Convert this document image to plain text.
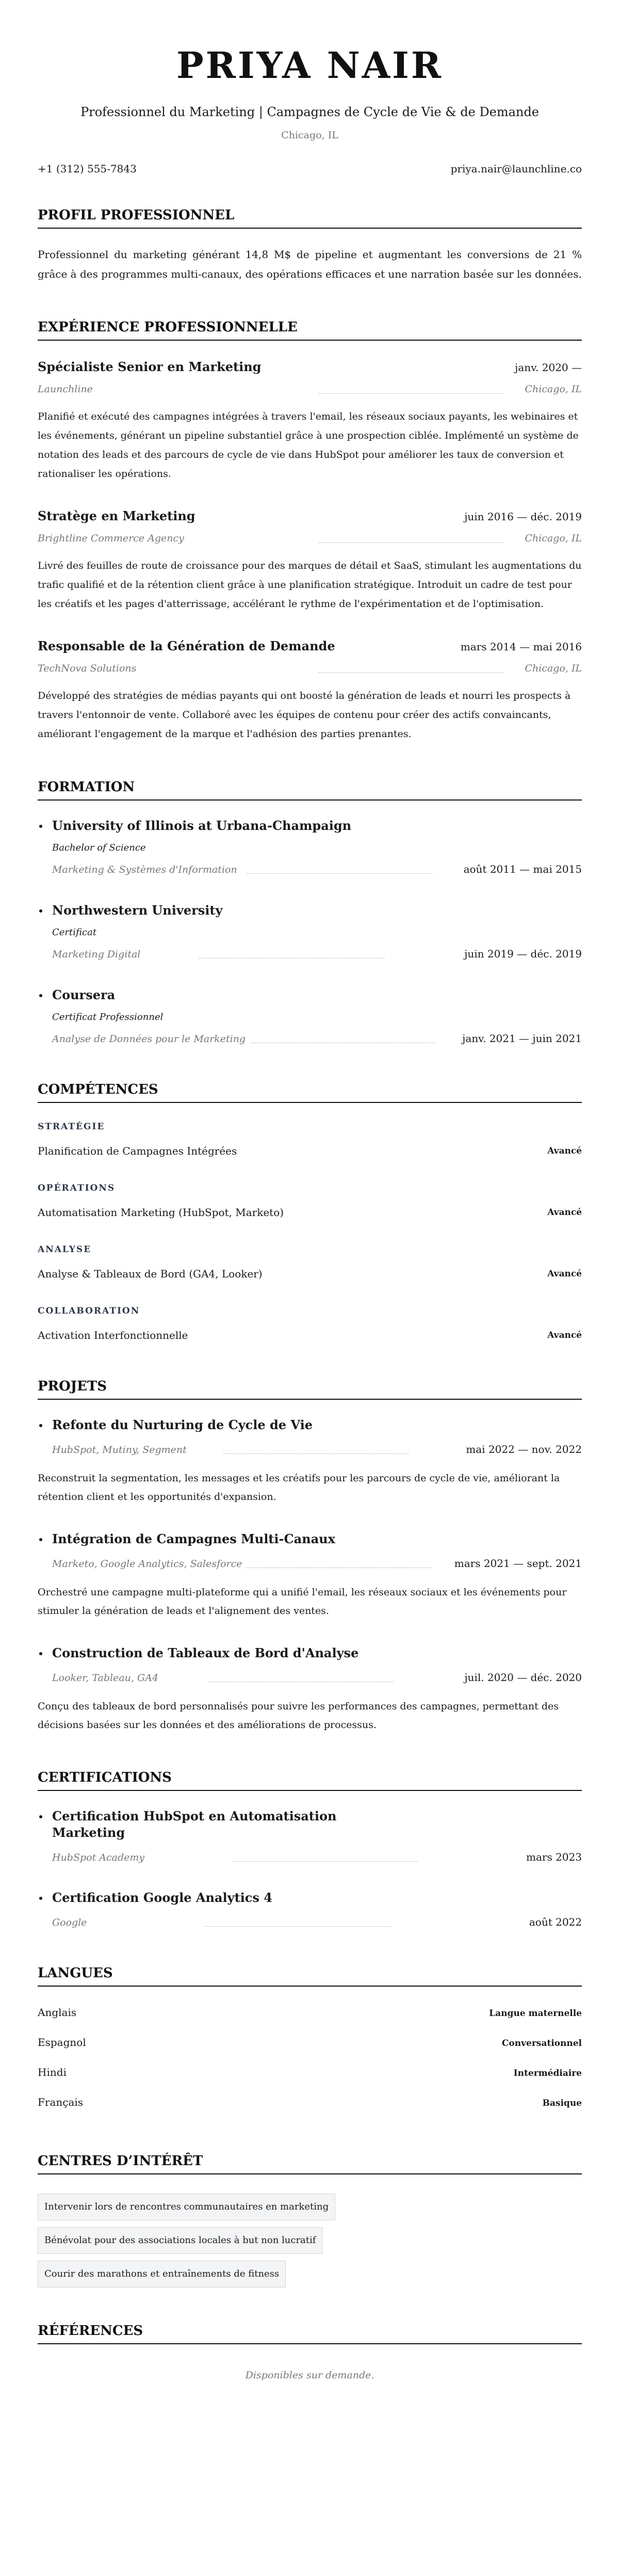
PRIYA NAIR
Professionnel du Marketing | Campagnes de Cycle de Vie & de Demande
Chicago, IL
+1 (312) 555-7843	priya.nair@launchline.co
PROFIL PROFESSIONNEL

Professionnel du marketing générant 14,8 M$ de pipeline et augmentant les conversions de 21 % grâce à des programmes multi-canaux, des opérations efficaces et une narration basée sur les données.

EXPÉRIENCE PROFESSIONNELLE
Spécialiste Senior en Marketing	janv. 2020 —
Launchline	Chicago, IL
Planifié et exécuté des campagnes intégrées à travers l'email, les réseaux sociaux payants, les webinaires et les événements, générant un pipeline substantiel grâce à une prospection ciblée. Implémenté un système de notation des leads et des parcours de cycle de vie dans HubSpot pour améliorer les taux de conversion et rationaliser les opérations.
Stratège en Marketing	juin 2016 — déc. 2019
Brightline Commerce Agency	Chicago, IL
Livré des feuilles de route de croissance pour des marques de détail et SaaS, stimulant les augmentations du trafic qualifié et de la rétention client grâce à une planification stratégique. Introduit un cadre de test pour les créatifs et les pages d'atterrissage, accélérant le rythme de l'expérimentation et de l'optimisation.
Responsable de la Génération de Demande	mars 2014 — mai 2016
TechNova Solutions	Chicago, IL
Développé des stratégies de médias payants qui ont boosté la génération de leads et nourri les prospects à travers l'entonnoir de vente. Collaboré avec les équipes de contenu pour créer des actifs convaincants, améliorant l'engagement de la marque et l'adhésion des parties prenantes.
FORMATION
University of Illinois at Urbana-Champaign
Bachelor of Science
Marketing & Systèmes d'Information	août 2011 — mai 2015
Northwestern University
Certificat
Marketing Digital	juin 2019 — déc. 2019
Coursera
Certificat Professionnel
Analyse de Données pour le Marketing	janv. 2021 — juin 2021
COMPÉTENCES
STRATÉGIE
Planification de Campagnes Intégrées	Avancé
OPÉRATIONS
Automatisation Marketing (HubSpot, Marketo)	Avancé
ANALYSE
Analyse & Tableaux de Bord (GA4, Looker)	Avancé
COLLABORATION
Activation Interfonctionnelle	Avancé
PROJETS
Refonte du Nurturing de Cycle de Vie
HubSpot, Mutiny, Segment	mai 2022 — nov. 2022
Reconstruit la segmentation, les messages et les créatifs pour les parcours de cycle de vie, améliorant la rétention client et les opportunités d'expansion.
Intégration de Campagnes Multi-Canaux
Marketo, Google Analytics, Salesforce	mars 2021 — sept. 2021
Orchestré une campagne multi-plateforme qui a unifié l'email, les réseaux sociaux et les événements pour stimuler la génération de leads et l'alignement des ventes.
Construction de Tableaux de Bord d'Analyse
Looker, Tableau, GA4	juil. 2020 — déc. 2020
Conçu des tableaux de bord personnalisés pour suivre les performances des campagnes, permettant des décisions basées sur les données et des améliorations de processus.
CERTIFICATIONS
Certification HubSpot en Automatisation Marketing
HubSpot Academy	mars 2023
Certification Google Analytics 4
Google	août 2022
LANGUES
Anglais	Langue maternelle
Espagnol	Conversationnel
Hindi	Intermédiaire
Français	Basique
CENTRES D’INTÉRÊT
Intervenir lors de rencontres communautaires en marketing
Bénévolat pour des associations locales à but non lucratif
Courir des marathons et entraînements de fitness
RÉFÉRENCES
Disponibles sur demande.
